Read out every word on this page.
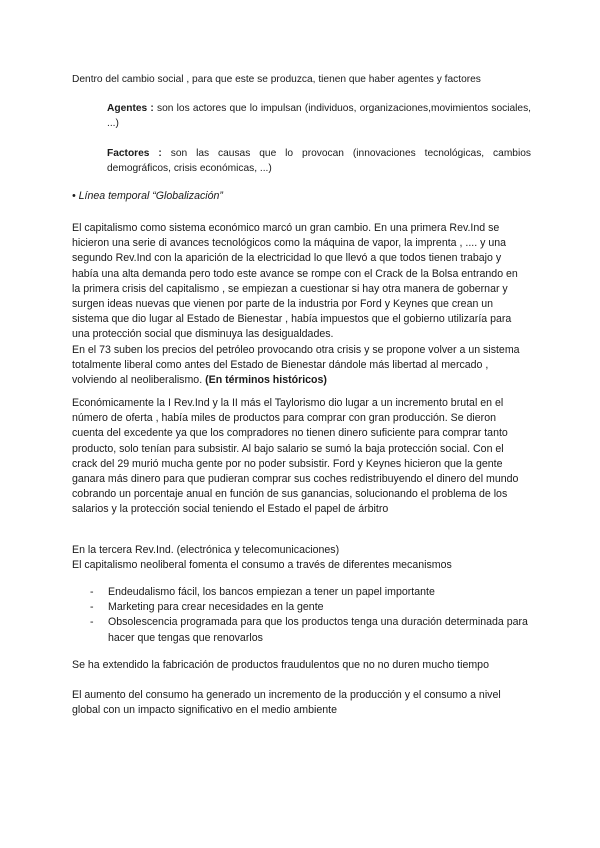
Dentro del cambio social , para que este se produzca, tienen que haber agentes y factores

Agentes : son los actores que lo impulsan (individuos, organizaciones,movimientos sociales, ...)

Factores : son las causas que lo provocan (innovaciones tecnológicas, cambios demográficos, crisis económicas, ...)

• Línea temporal “Globalización”

El capitalismo como sistema económico marcó un gran cambio. En una primera Rev.Ind se hicieron una serie di avances tecnológicos como la máquina de vapor, la imprenta , .... y una segundo Rev.Ind con la aparición de la electricidad lo que llevó a que todos tienen trabajo y había una alta demanda pero todo este avance se rompe con el Crack de la Bolsa entrando en la primera crisis del capitalismo , se empiezan a cuestionar si hay otra manera de gobernar y surgen ideas nuevas que vienen por parte de la industria por Ford y Keynes que crean un sistema que dio lugar al Estado de Bienestar , había impuestos que el gobierno utilizaría para una protección social que disminuya las desigualdades.
En el 73 suben los precios del petróleo provocando otra crisis y se propone volver a un sistema totalmente liberal como antes del Estado de Bienestar dándole más libertad al mercado , volviendo al neoliberalismo. (En términos históricos)

Económicamente la I Rev.Ind y la II más el Taylorismo dio lugar a un incremento brutal en el número de oferta , había miles de productos para comprar con gran producción. Se dieron cuenta del excedente ya que los compradores no tienen dinero suficiente para comprar tanto producto, solo tenían para subsistir. Al bajo salario se sumó la baja protección social. Con el crack del 29 murió mucha gente por no poder subsistir. Ford y Keynes hicieron que la gente ganara más dinero para que pudieran comprar sus coches redistribuyendo el dinero del mundo cobrando un porcentaje anual en función de sus ganancias, solucionando el problema de los salarios y la protección social teniendo el Estado el papel de árbitro

En la tercera Rev.Ind. (electrónica y telecomunicaciones)
El capitalismo neoliberal fomenta el consumo a través de diferentes mecanismos

- Endeudalismo fácil, los bancos empiezan a tener un papel importante
- Marketing para crear necesidades en la gente
- Obsolescencia programada para que los productos tenga una duración determinada para hacer que tengas que renovarlos

Se ha extendido la fabricación de productos fraudulentos que no no duren mucho tiempo

El aumento del consumo ha generado un incremento de la producción y el consumo a nivel global con un impacto significativo en el medio ambiente
